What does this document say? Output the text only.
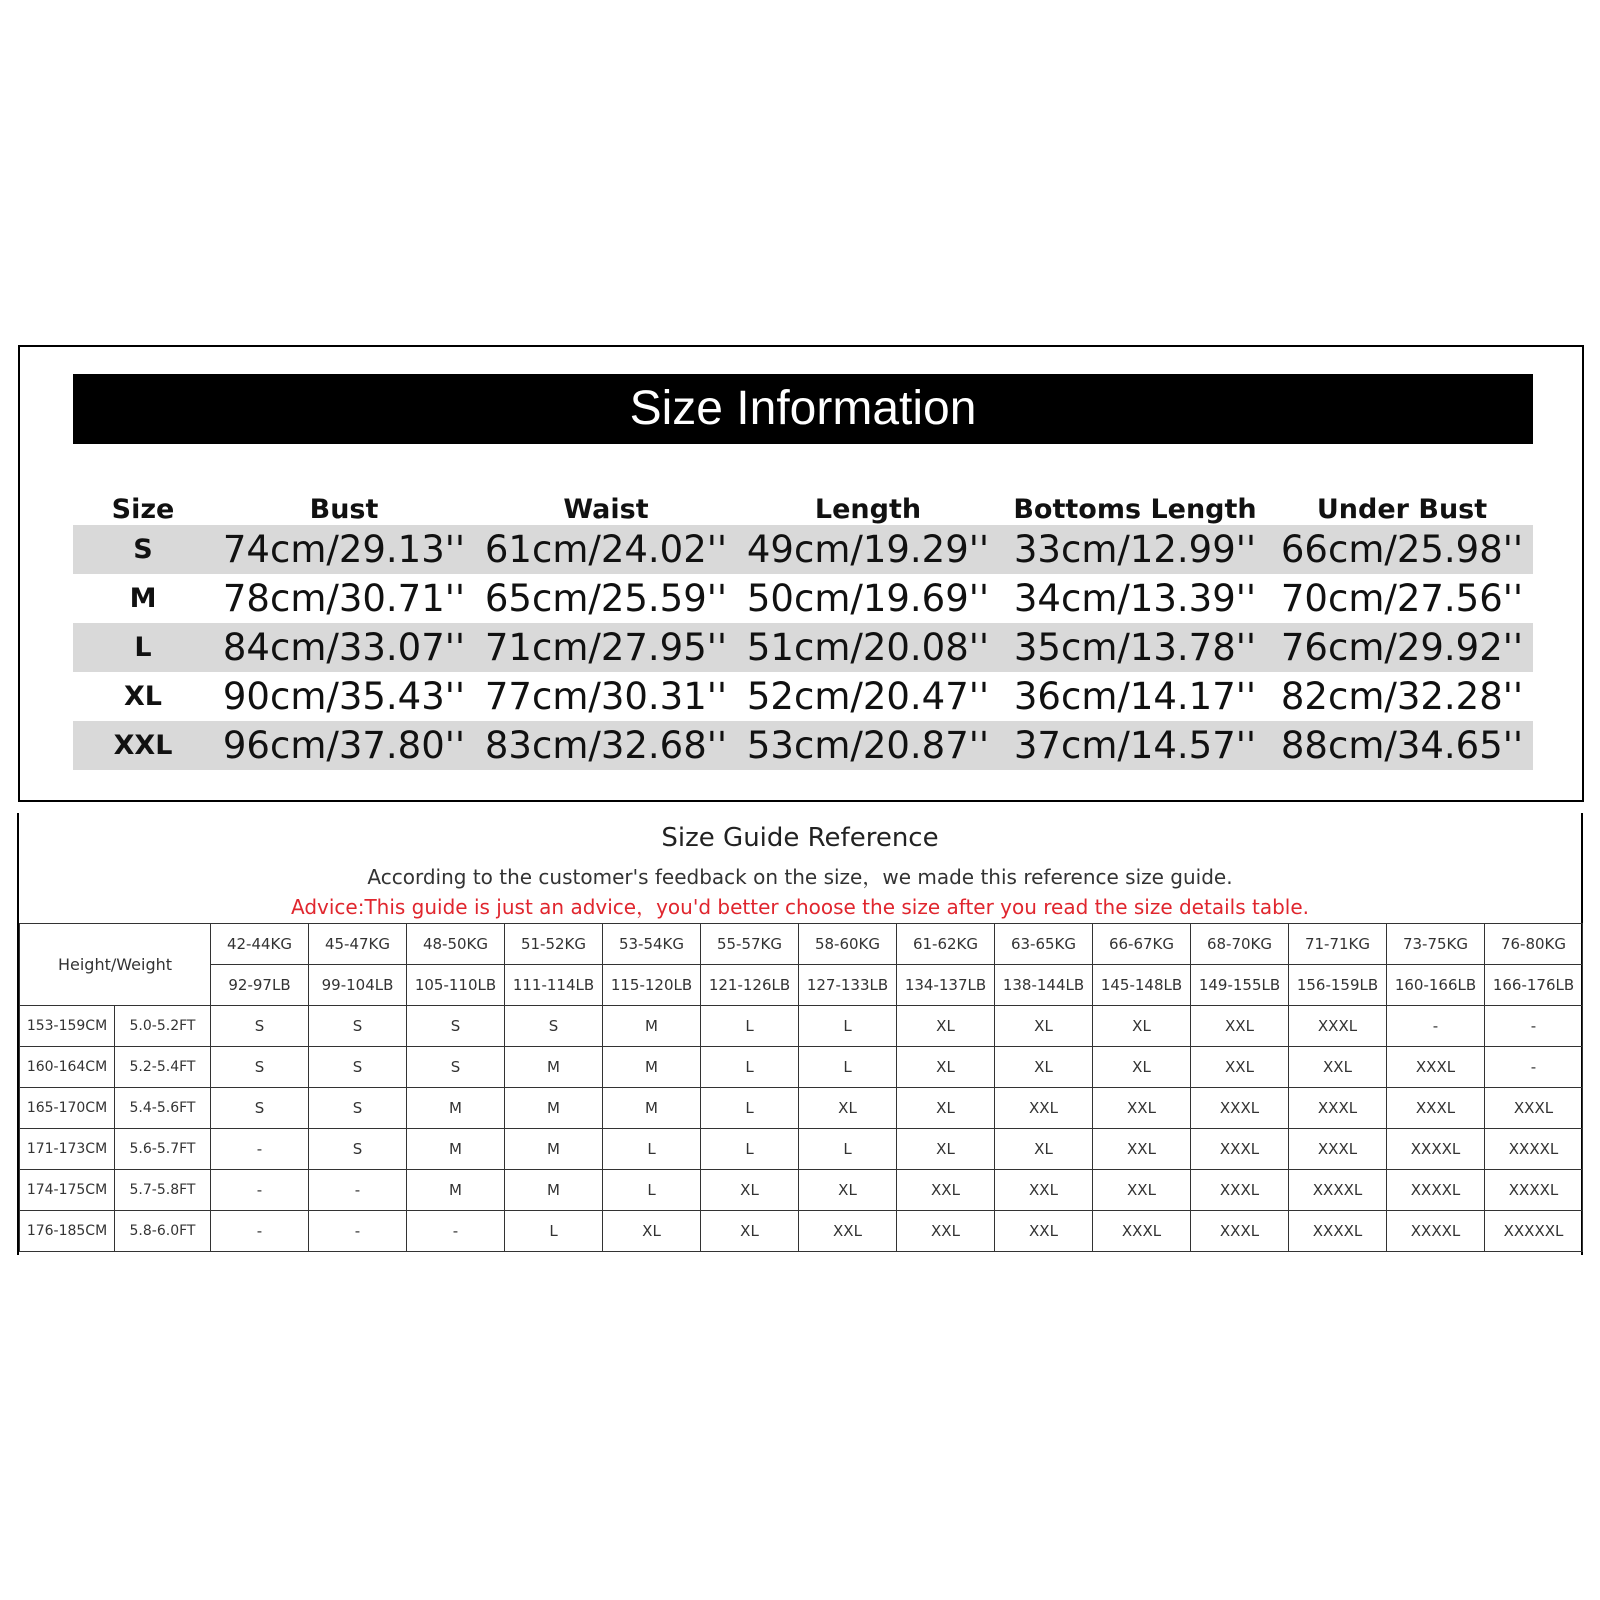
Size Information
Size	Bust	Waist	Length	Bottoms Length	Under Bust
S	74cm/29.13''	61cm/24.02''	49cm/19.29''	33cm/12.99''	66cm/25.98''
M	78cm/30.71''	65cm/25.59''	50cm/19.69''	34cm/13.39''	70cm/27.56''
L	84cm/33.07''	71cm/27.95''	51cm/20.08''	35cm/13.78''	76cm/29.92''
XL	90cm/35.43''	77cm/30.31''	52cm/20.47''	36cm/14.17''	82cm/32.28''
XXL	96cm/37.80''	83cm/32.68''	53cm/20.87''	37cm/14.57''	88cm/34.65''
Size Guide Reference
According to the customer's feedback on the size，we made this reference size guide.
Advice:This guide is just an advice，you'd better choose the size after you read the size details table.
Height/Weight		42-44KG	45-47KG	48-50KG	51-52KG	53-54KG	55-57KG	58-60KG	61-62KG	63-65KG	66-67KG	68-70KG	71-71KG	73-75KG	76-80KG
		92-97LB	99-104LB	105-110LB	111-114LB	115-120LB	121-126LB	127-133LB	134-137LB	138-144LB	145-148LB	149-155LB	156-159LB	160-166LB	166-176LB
153-159CM	5.0-5.2FT	S	S	S	S	M	L	L	XL	XL	XL	XXL	XXXL	-	-
160-164CM	5.2-5.4FT	S	S	S	M	M	L	L	XL	XL	XL	XXL	XXL	XXXL	-
165-170CM	5.4-5.6FT	S	S	M	M	M	L	XL	XL	XXL	XXL	XXXL	XXXL	XXXL	XXXL
171-173CM	5.6-5.7FT	-	S	M	M	L	L	L	XL	XL	XXL	XXXL	XXXL	XXXXL	XXXXL
174-175CM	5.7-5.8FT	-	-	M	M	L	XL	XL	XXL	XXL	XXL	XXXL	XXXXL	XXXXL	XXXXL
176-185CM	5.8-6.0FT	-	-	-	L	XL	XL	XXL	XXL	XXL	XXXL	XXXL	XXXXL	XXXXL	XXXXXL
